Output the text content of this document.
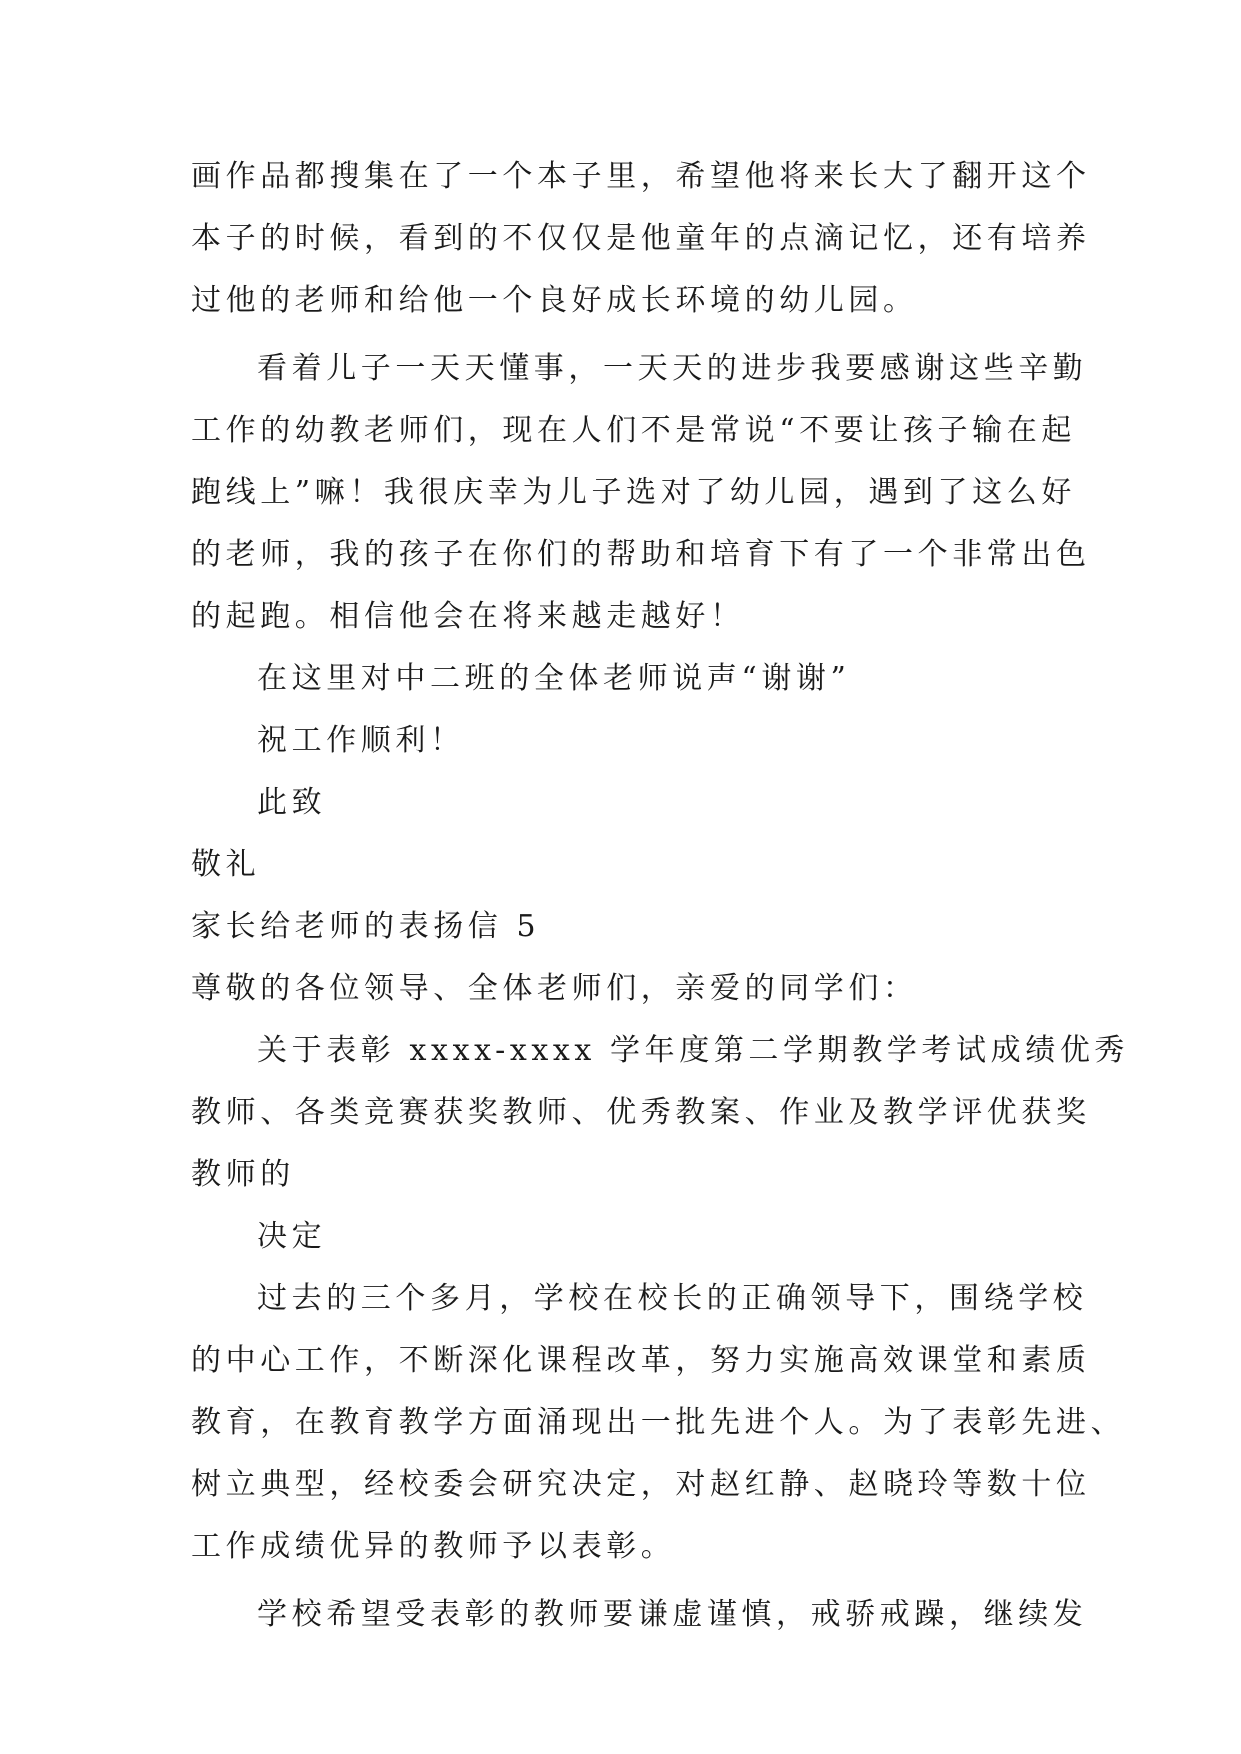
画作品都搜集在了一个本子里，希望他将来长大了翻开这个
本子的时候，看到的不仅仅是他童年的点滴记忆，还有培养
过他的老师和给他一个良好成长环境的幼儿园。
看着儿子一天天懂事，一天天的进步我要感谢这些辛勤
工作的幼教老师们，现在人们不是常说“不要让孩子输在起
跑线上”嘛！我很庆幸为儿子选对了幼儿园，遇到了这么好
的老师，我的孩子在你们的帮助和培育下有了一个非常出色
的起跑。相信他会在将来越走越好！
在这里对中二班的全体老师说声“谢谢”
祝工作顺利！
此致
敬礼
家长给老师的表扬信 5
尊敬的各位领导、全体老师们，亲爱的同学们：
关于表彰 xxxx-xxxx 学年度第二学期教学考试成绩优秀
教师、各类竞赛获奖教师、优秀教案、作业及教学评优获奖
教师的
决定
过去的三个多月，学校在校长的正确领导下，围绕学校
的中心工作，不断深化课程改革，努力实施高效课堂和素质
教育，在教育教学方面涌现出一批先进个人。为了表彰先进、
树立典型，经校委会研究决定，对赵红静、赵晓玲等数十位
工作成绩优异的教师予以表彰。
学校希望受表彰的教师要谦虚谨慎，戒骄戒躁，继续发
